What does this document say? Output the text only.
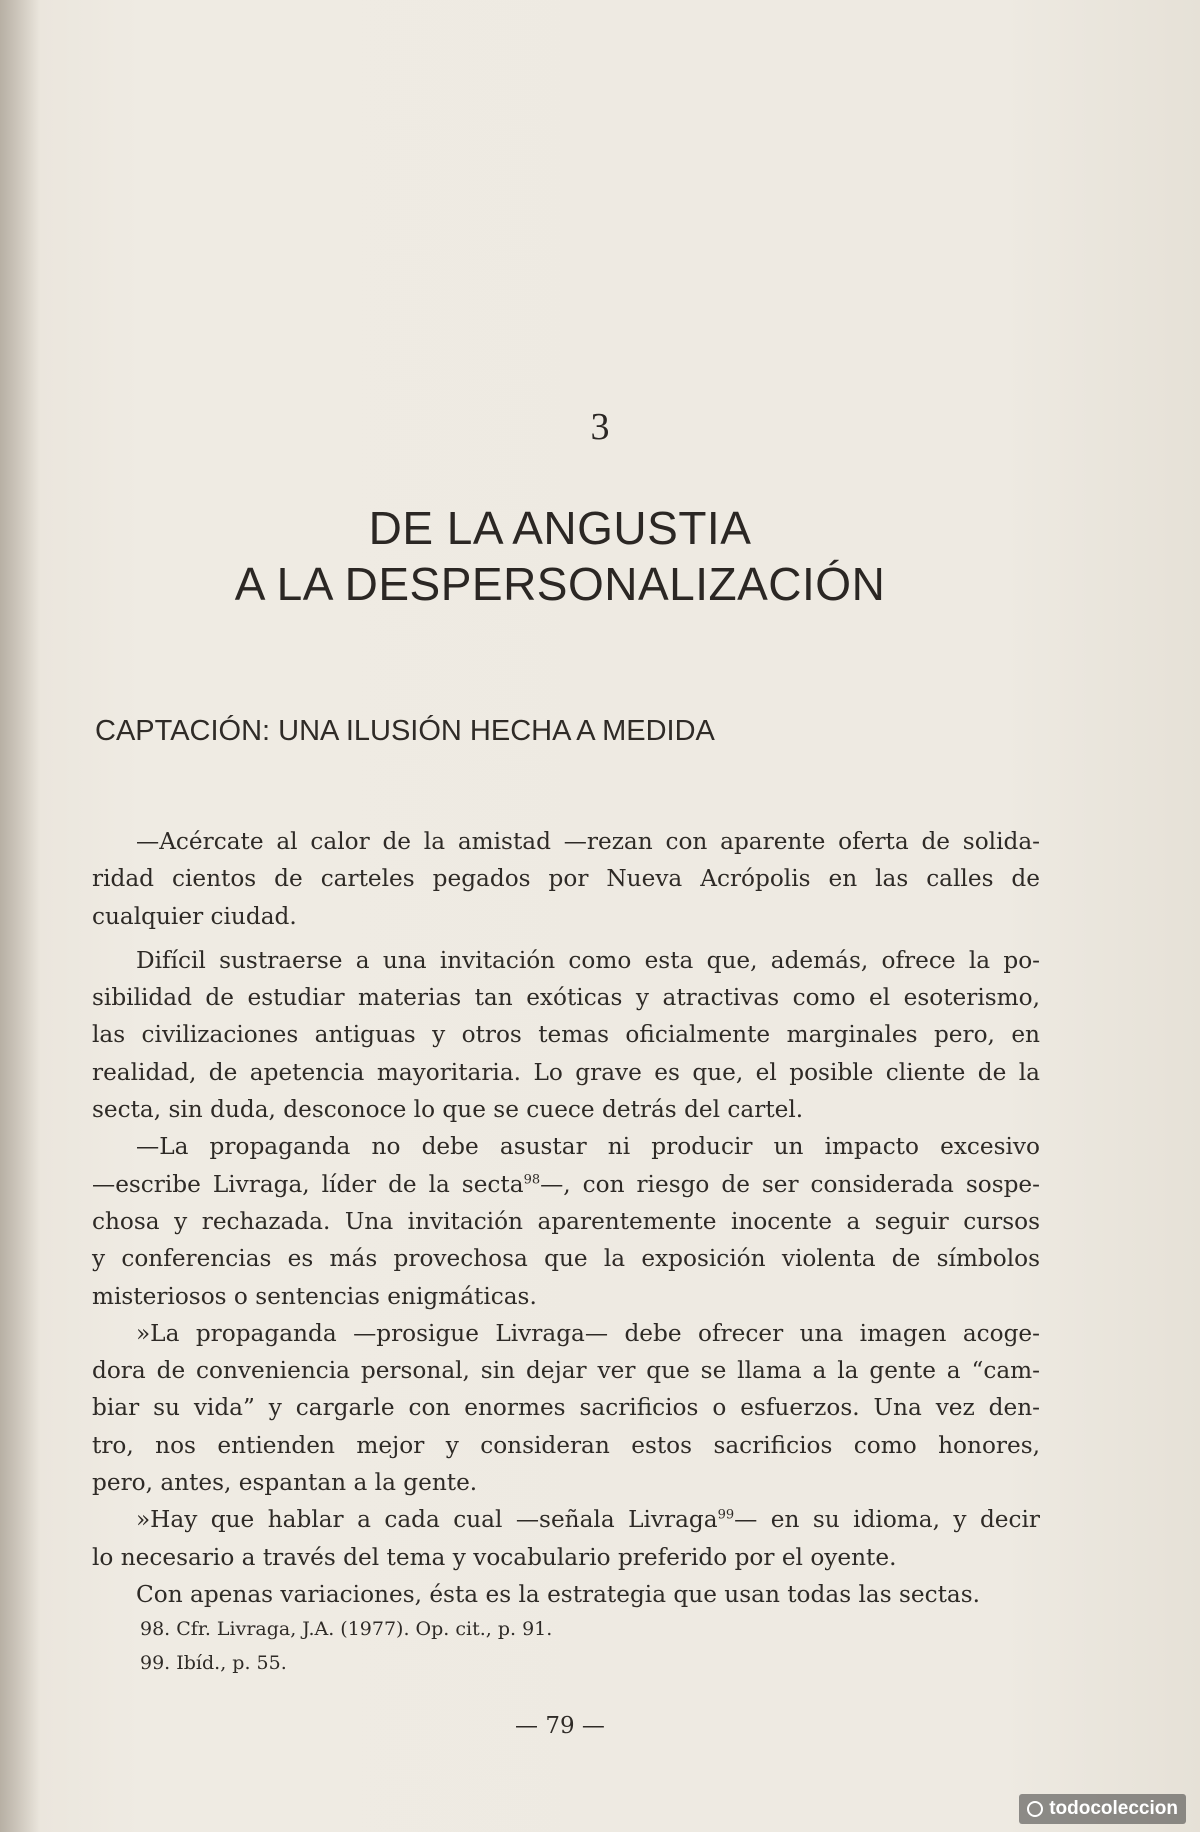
3
DE LA ANGUSTIA
A LA DESPERSONALIZACIÓN
CAPTACIÓN: UNA ILUSIÓN HECHA A MEDIDA
—Acércate al calor de la amistad —rezan con aparente oferta de solida-
ridad cientos de carteles pegados por Nueva Acrópolis en las calles de
cualquier ciudad.
Difícil sustraerse a una invitación como esta que, además, ofrece la po-
sibilidad de estudiar materias tan exóticas y atractivas como el esoterismo,
las civilizaciones antiguas y otros temas oficialmente marginales pero, en
realidad, de apetencia mayoritaria. Lo grave es que, el posible cliente de la
secta, sin duda, desconoce lo que se cuece detrás del cartel.
—La propaganda no debe asustar ni producir un impacto excesivo
—escribe Livraga, líder de la secta$^{98}$—, con riesgo de ser considerada sospe-
chosa y rechazada. Una invitación aparentemente inocente a seguir cursos
y conferencias es más provechosa que la exposición violenta de símbolos
misteriosos o sentencias enigmáticas.
»La propaganda —prosigue Livraga— debe ofrecer una imagen acoge-
dora de conveniencia personal, sin dejar ver que se llama a la gente a “cam-
biar su vida” y cargarle con enormes sacrificios o esfuerzos. Una vez den-
tro, nos entienden mejor y consideran estos sacrificios como honores,
pero, antes, espantan a la gente.
»Hay que hablar a cada cual —señala Livraga$^{99}$— en su idioma, y decir
lo necesario a través del tema y vocabulario preferido por el oyente.
Con apenas variaciones, ésta es la estrategia que usan todas las sectas.
98. Cfr. Livraga, J.A. (1977). Op. cit., p. 91.
99. Ibíd., p. 55.
— 79 —
todocoleccion
